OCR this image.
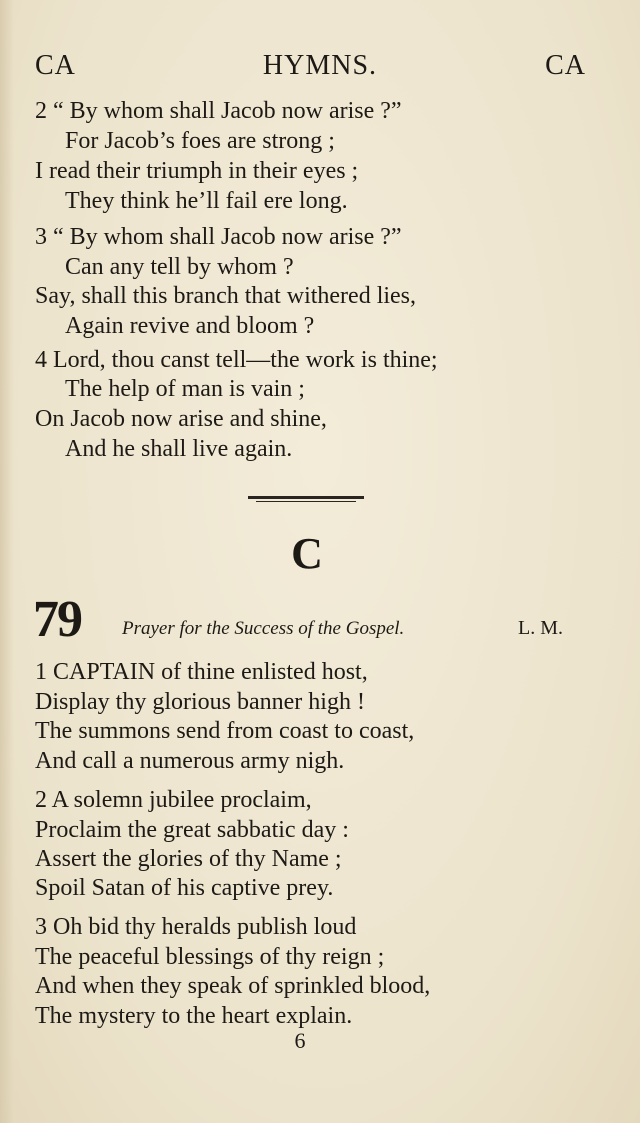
CA	HYMNS.	CA
2 “ By whom shall Jacob now arise ?”
For Jacob’s foes are strong ;
I read their triumph in their eyes ;
They think he’ll fail ere long.
3 “ By whom shall Jacob now arise ?”
Can any tell by whom ?
Say, shall this branch that withered lies,
Again revive and bloom ?
4 Lord, thou canst tell—the work is thine;
The help of man is vain ;
On Jacob now arise and shine,
And he shall live again.
C
79 Prayer for the Success of the Gospel.	L. M.
1 CAPTAIN of thine enlisted host,
Display thy glorious banner high !
The summons send from coast to coast,
And call a numerous army nigh.
2 A solemn jubilee proclaim,
Proclaim the great sabbatic day :
Assert the glories of thy Name ;
Spoil Satan of his captive prey.
3 Oh bid thy heralds publish loud
The peaceful blessings of thy reign ;
And when they speak of sprinkled blood,
The mystery to the heart explain.
6
